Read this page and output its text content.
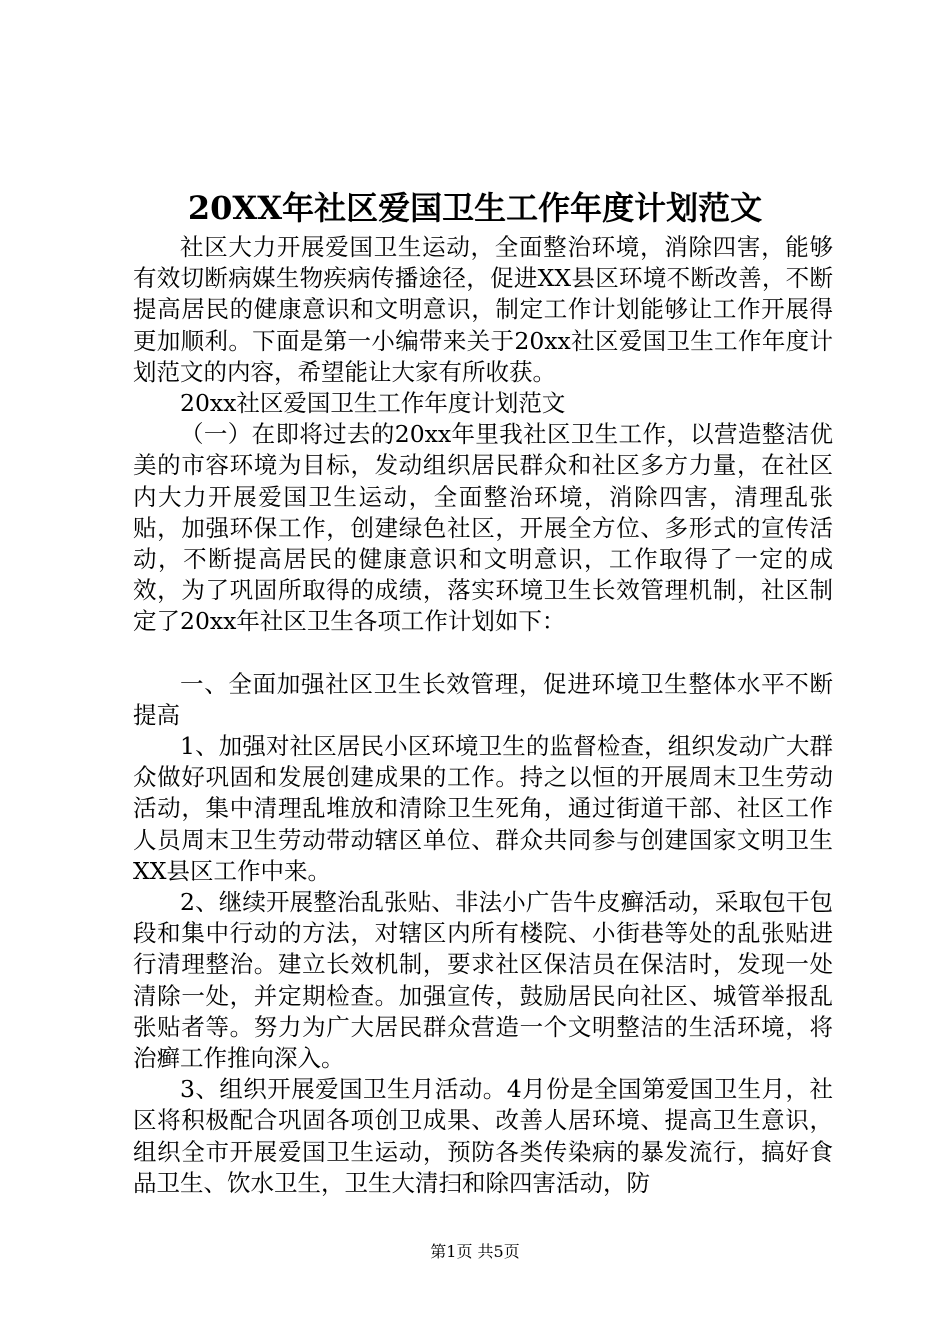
20XX年社区爱国卫生工作年度计划范文

社区大力开展爱国卫生运动，全面整治环境，消除四害，能够有效切断病媒生物疾病传播途径，促进XX县区环境不断改善，不断提高居民的健康意识和文明意识，制定工作计划能够让工作开展得更加顺利。下面是第一小编带来关于20xx社区爱国卫生工作年度计划范文的内容，希望能让大家有所收获。

20xx社区爱国卫生工作年度计划范文

（一）在即将过去的20xx年里我社区卫生工作，以营造整洁优美的市容环境为目标，发动组织居民群众和社区多方力量，在社区内大力开展爱国卫生运动，全面整治环境，消除四害，清理乱张贴，加强环保工作，创建绿色社区，开展全方位、多形式的宣传活动，不断提高居民的健康意识和文明意识，工作取得了一定的成效，为了巩固所取得的成绩，落实环境卫生长效管理机制，社区制定了20xx年社区卫生各项工作计划如下：

一、全面加强社区卫生长效管理，促进环境卫生整体水平不断提高

1、加强对社区居民小区环境卫生的监督检查，组织发动广大群众做好巩固和发展创建成果的工作。持之以恒的开展周末卫生劳动活动，集中清理乱堆放和清除卫生死角，通过街道干部、社区工作人员周末卫生劳动带动辖区单位、群众共同参与创建国家文明卫生XX县区工作中来。

2、继续开展整治乱张贴、非法小广告牛皮癣活动，采取包干包段和集中行动的方法，对辖区内所有楼院、小街巷等处的乱张贴进行清理整治。建立长效机制，要求社区保洁员在保洁时，发现一处清除一处，并定期检查。加强宣传，鼓励居民向社区、城管举报乱张贴者等。努力为广大居民群众营造一个文明整洁的生活环境，将治癣工作推向深入。

3、组织开展爱国卫生月活动。4月份是全国第爱国卫生月，社区将积极配合巩固各项创卫成果、改善人居环境、提高卫生意识，组织全市开展爱国卫生运动，预防各类传染病的暴发流行，搞好食品卫生、饮水卫生，卫生大清扫和除四害活动，防

第1页 共5页
